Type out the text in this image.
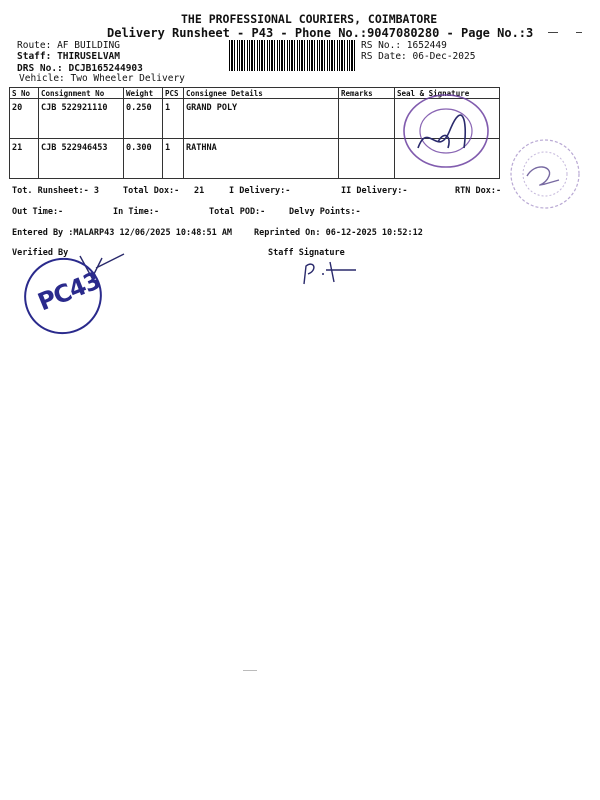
THE PROFESSIONAL COURIERS, COIMBATORE
Delivery Runsheet - P43 - Phone No.:9047080280 - Page No.:3
Route: AF BUILDING
Staff: THIRUSELVAM
DRS No.: DCJB165244903
Vehicle: Two Wheeler Delivery
RS No.: 1652449
RS Date: 06-Dec-2025
S No	Consignment No	Weight	PCS	Consignee Details	Remarks	Seal & Signature
20	CJB 522921110	0.250	1	GRAND POLY		
21	CJB 522946453	0.300	1	RATHNA		
Tot. Runsheet:- 3	Total Dox:- 21	I Delivery:-	II Delivery:-	RTN Dox:-
Out Time:-	In Time:-	Total POD:-	Delvy Points:-
Entered By :MALARP43 12/06/2025 10:48:51 AM	Reprinted On: 06-12-2025 10:52:12
Verified By	Staff Signature
PC43
